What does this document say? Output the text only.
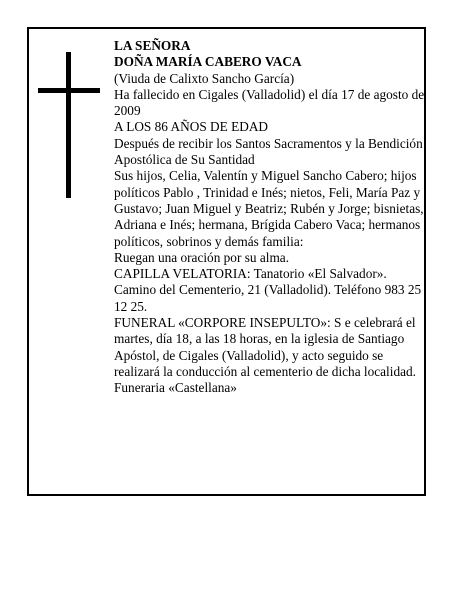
LA SEÑORA

DOÑA MARÍA CABERO VACA

(Viuda de Calixto Sancho García)

Ha fallecido en Cigales (Valladolid) el día 17 de agosto de 2009

A LOS 86 AÑOS DE EDAD

Después de recibir los Santos Sacramentos y la Bendición Apostólica de Su Santidad

Sus hijos, Celia, Valentín y Miguel Sancho Cabero; hijos políticos Pablo , Trinidad e Inés; nietos, Feli, María Paz y Gustavo; Juan Miguel y Beatriz; Rubén y Jorge; bisnietas, Adriana e Inés; hermana, Brígida Cabero Vaca; hermanos políticos, sobrinos y demás familia:

Ruegan una oración por su alma.

CAPILLA VELATORIA: Tanatorio «El Salvador». Camino del Cementerio, 21 (Valladolid). Teléfono 983 25 12 25.

FUNERAL «CORPORE INSEPULTO»: S e celebrará el martes, día 18, a las 18 horas, en la iglesia de Santiago Apóstol, de Cigales (Valladolid), y acto seguido se realizará la conducción al cementerio de dicha localidad.

Funeraria «Castellana»
